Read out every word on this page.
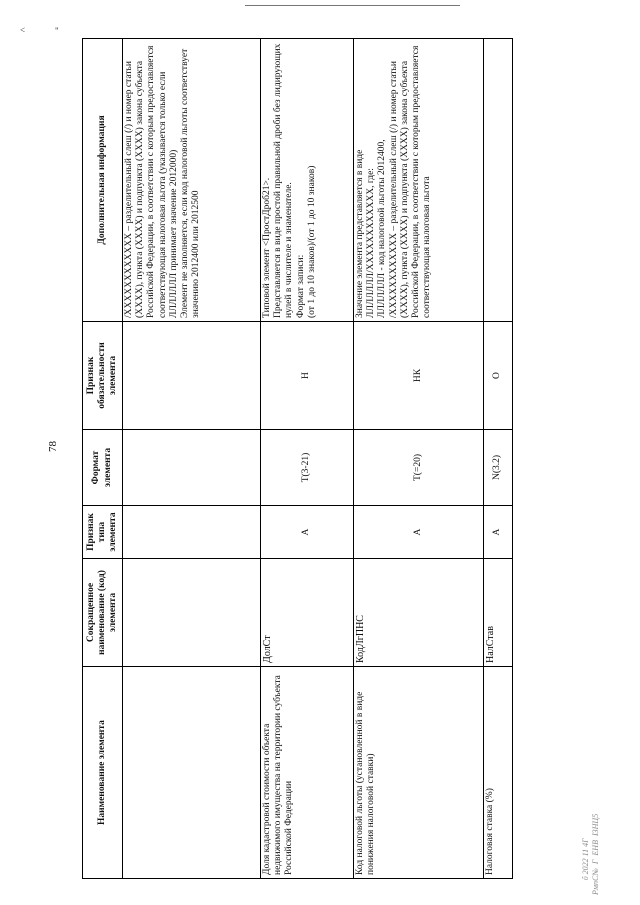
˂	"
78
ΰ 2022 11 4Г РмпС№  Г  ΕНВ  Ι3НЦ5
Наименование элемента	Сокращенное наименование (код) элемента	Признак типа элемента	Формат элемента	Признак обязательности элемента	Дополнительная информация
					/XXXXXXXXXXXX – разделительный слеш (/) и номер статьи (XXXX), пункта (XXXX) и подпункта (XXXX) закона субъекта Российской Федерации, в соответствии с которым предоставляется соответствующая налоговая льгота (указывается только если ЛЛЛЛЛЛЛ принимает значение 2012000)
Элемент не заполняется, если код налоговой льготы соответствует значению 2012400 или 2012500
Доля кадастровой стоимости объекта недвижимого имущества на территории субъекта Российской Федерации	ДолСт	А	T(3-21)	Н	Типовой элемент <ПростДроб21>.
Представляется в виде простой правильной дроби без лидирующих нулей в числителе и знаменателе.
Формат записи:
(от 1 до 10 знаков)/(от 1 до 10 знаков)
Код налоговой льготы (установленной в виде понижения налоговой ставки)	КодЛгПНС	А	T(=20)	НК	Значение элемента представляется в виде ЛЛЛЛЛЛЛ/XXXXXXXXXXXX, где:
ЛЛЛЛЛЛЛ - код налоговой льготы 2012400,
/XXXXXXXXXXXX – разделительный слеш (/) и номер статьи (XXXX), пункта (XXXX) и подпункта (XXXX) закона субъекта Российской Федерации, в соответствии с которым предоставляется соответствующая налоговая льгота
Налоговая ставка (%)	НалСтав	А	N(3.2)	О	
